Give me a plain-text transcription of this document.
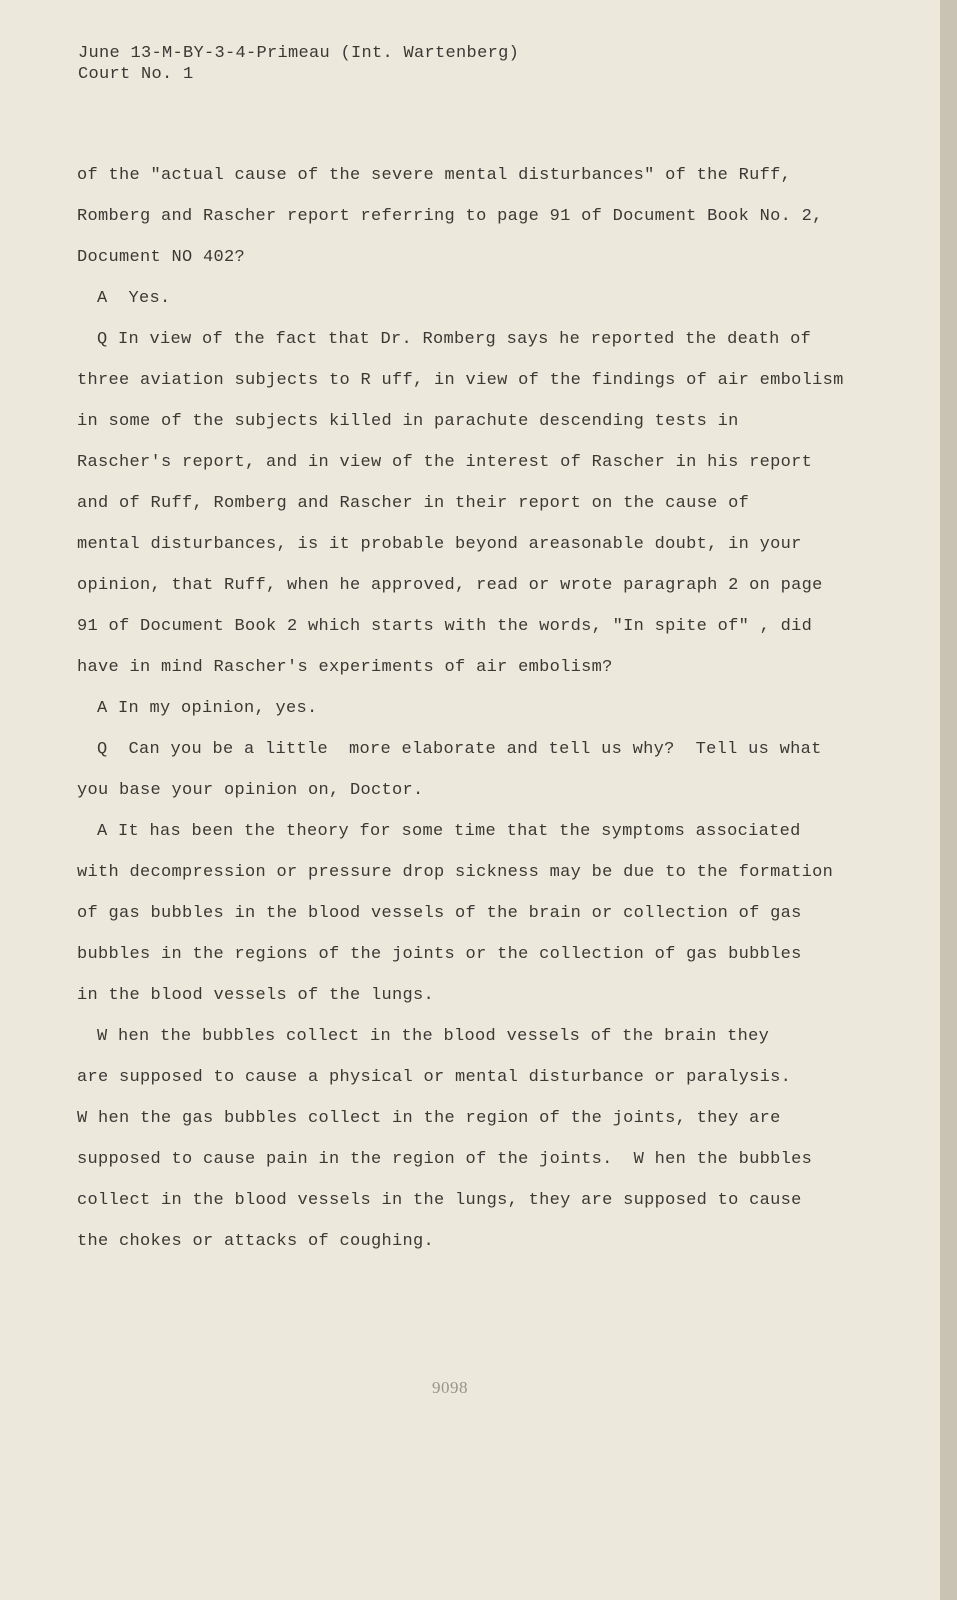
June 13-M-BY-3-4-Primeau (Int. Wartenberg)
Court No. 1
of the "actual cause of the severe mental disturbances" of the Ruff,
Romberg and Rascher report referring to page 91 of Document Book No. 2,
Document NO 402?
A  Yes.
Q In view of the fact that Dr. Romberg says he reported the death of
three aviation subjects to R uff, in view of the findings of air embolism
in some of the subjects killed in parachute descending tests in
Rascher's report, and in view of the interest of Rascher in his report
and of Ruff, Romberg and Rascher in their report on the cause of
mental disturbances, is it probable beyond areasonable doubt, in your
opinion, that Ruff, when he approved, read or wrote paragraph 2 on page
91 of Document Book 2 which starts with the words, "In spite of" , did
have in mind Rascher's experiments of air embolism?
A In my opinion, yes.
Q  Can you be a little  more elaborate and tell us why?  Tell us what
you base your opinion on, Doctor.
A It has been the theory for some time that the symptoms associated
with decompression or pressure drop sickness may be due to the formation
of gas bubbles in the blood vessels of the brain or collection of gas
bubbles in the regions of the joints or the collection of gas bubbles
in the blood vessels of the lungs.
W hen the bubbles collect in the blood vessels of the brain they
are supposed to cause a physical or mental disturbance or paralysis.
W hen the gas bubbles collect in the region of the joints, they are
supposed to cause pain in the region of the joints.  W hen the bubbles
collect in the blood vessels in the lungs, they are supposed to cause
the chokes or attacks of coughing.
9098
